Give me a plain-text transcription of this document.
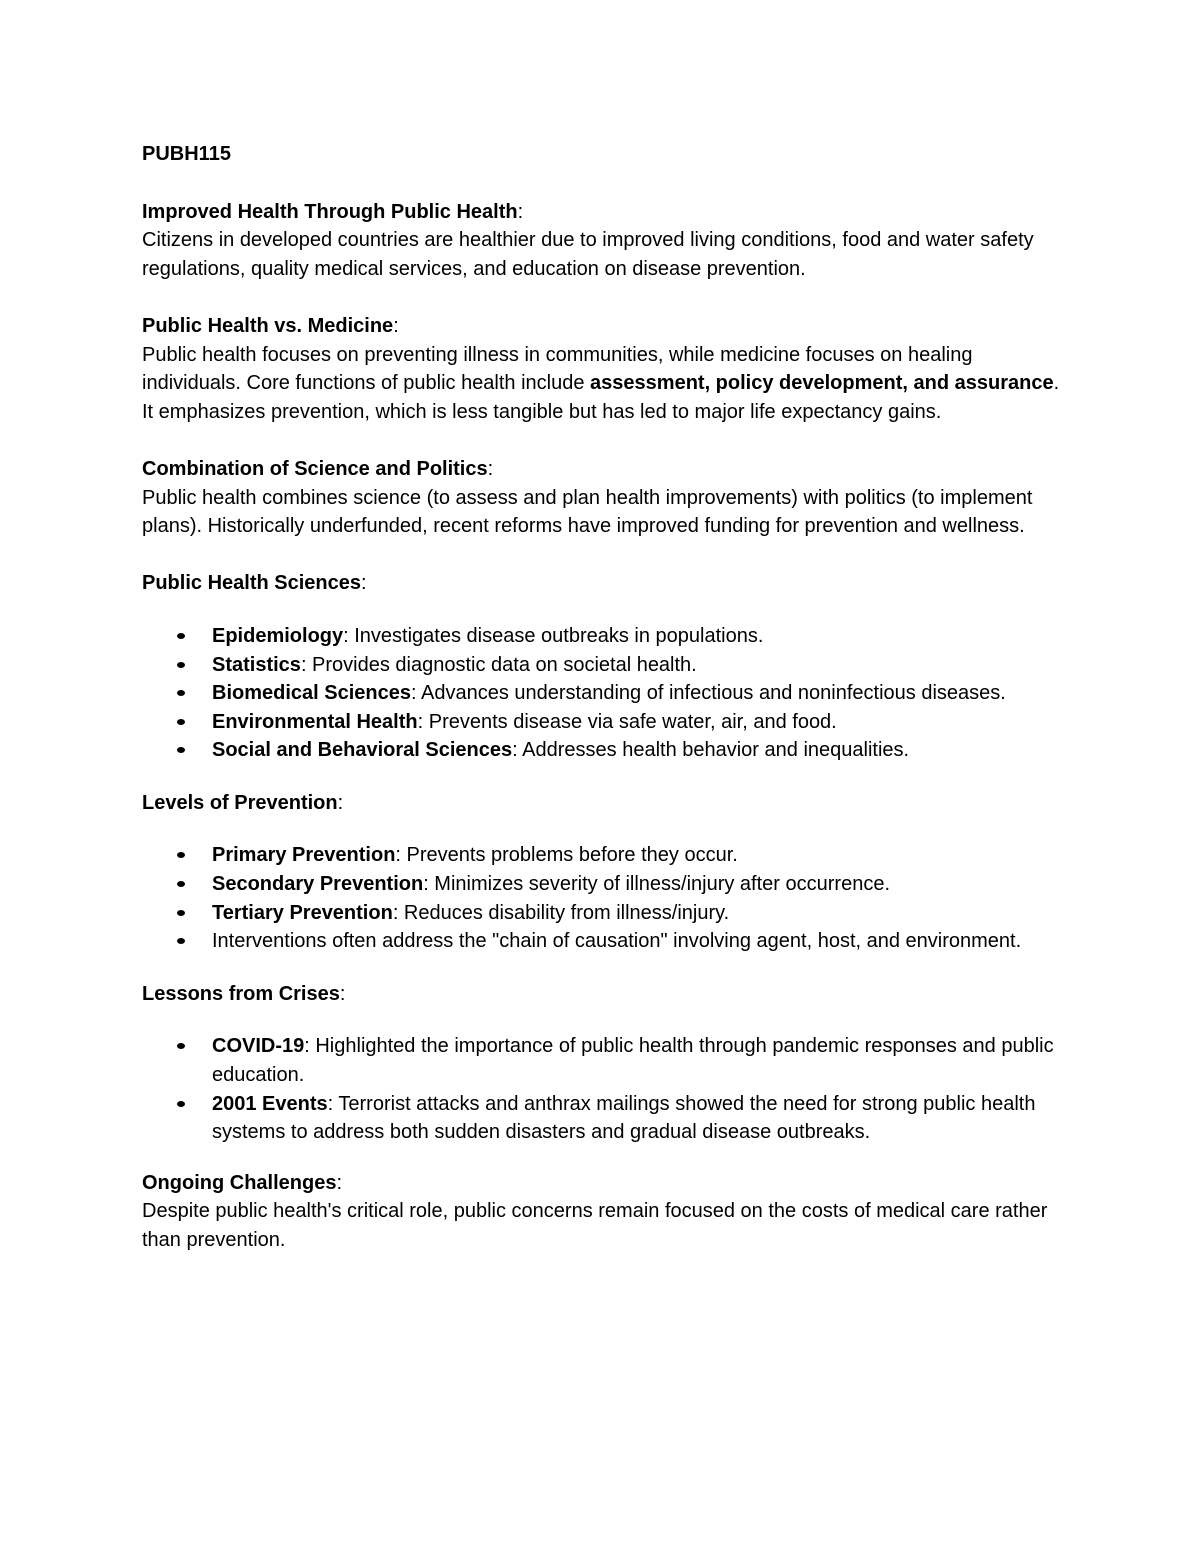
PUBH115

Improved Health Through Public Health:

Citizens in developed countries are healthier due to improved living conditions, food and water safety regulations, quality medical services, and education on disease prevention.

Public Health vs. Medicine:

Public health focuses on preventing illness in communities, while medicine focuses on healing individuals. Core functions of public health include assessment, policy development, and assurance. It emphasizes prevention, which is less tangible but has led to major life expectancy gains.

Combination of Science and Politics:

Public health combines science (to assess and plan health improvements) with politics (to implement plans). Historically underfunded, recent reforms have improved funding for prevention and wellness.

Public Health Sciences:

Epidemiology: Investigates disease outbreaks in populations.
Statistics: Provides diagnostic data on societal health.
Biomedical Sciences: Advances understanding of infectious and noninfectious diseases.
Environmental Health: Prevents disease via safe water, air, and food.
Social and Behavioral Sciences: Addresses health behavior and inequalities.

Levels of Prevention:

Primary Prevention: Prevents problems before they occur.
Secondary Prevention: Minimizes severity of illness/injury after occurrence.
Tertiary Prevention: Reduces disability from illness/injury.
Interventions often address the "chain of causation" involving agent, host, and environment.

Lessons from Crises:

COVID-19: Highlighted the importance of public health through pandemic responses and public education.
2001 Events: Terrorist attacks and anthrax mailings showed the need for strong public health systems to address both sudden disasters and gradual disease outbreaks.

Ongoing Challenges:

Despite public health's critical role, public concerns remain focused on the costs of medical care rather than prevention.
